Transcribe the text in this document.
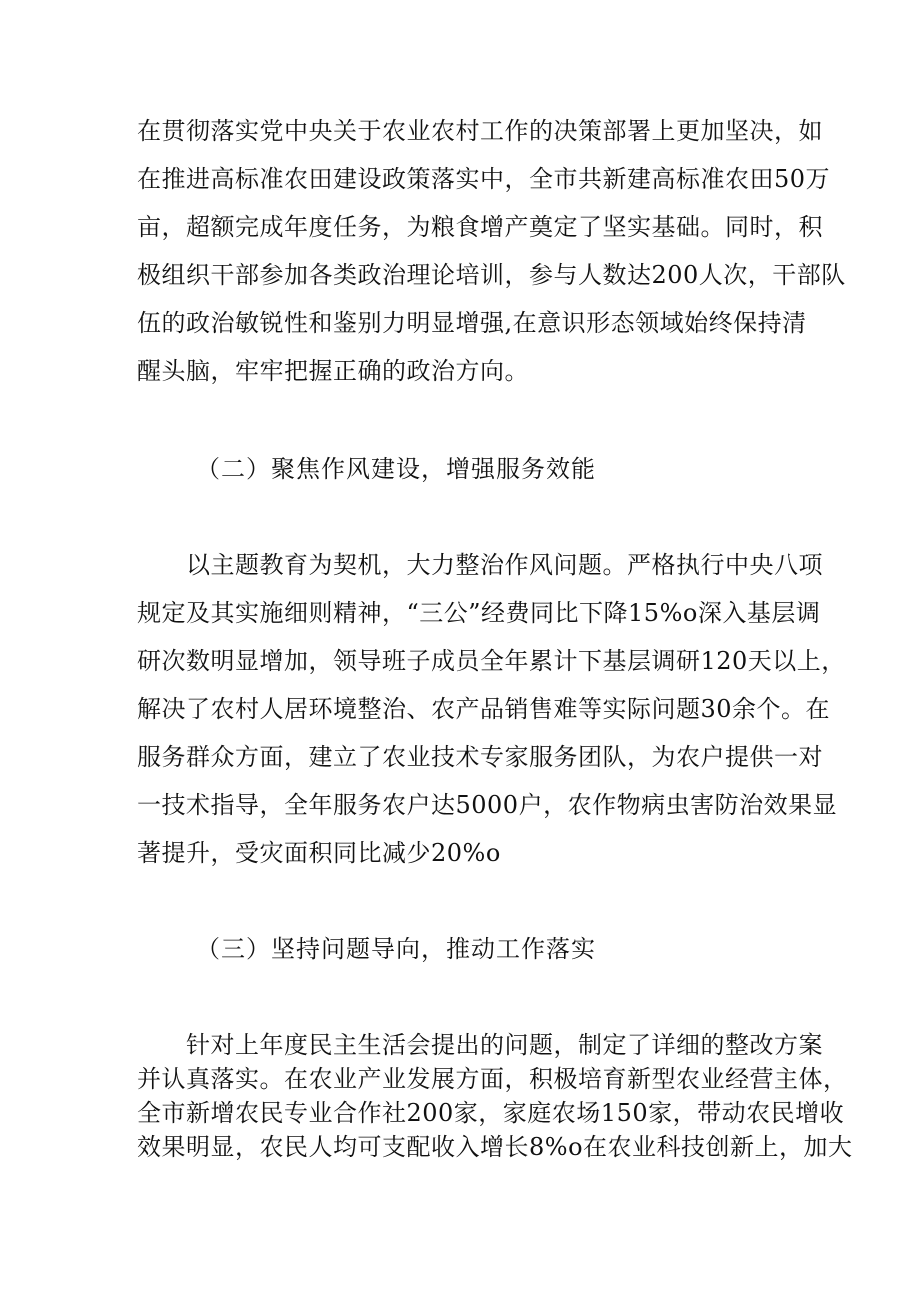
在贯彻落实党中央关于农业农村工作的决策部署上更加坚决，如
在推进高标准农田建设政策落实中，全市共新建高标准农田50万
亩，超额完成年度任务，为粮食增产奠定了坚实基础。同时，积
极组织干部参加各类政治理论培训，参与人数达200人次，干部队
伍的政治敏锐性和鉴别力明显增强,在意识形态领域始终保持清
醒头脑，牢牢把握正确的政治方向。
（二）聚焦作风建设，增强服务效能
以主题教育为契机，大力整治作风问题。严格执行中央八项
规定及其实施细则精神，“三公”经费同比下降15%o深入基层调
研次数明显增加，领导班子成员全年累计下基层调研120天以上，
解决了农村人居环境整治、农产品销售难等实际问题30余个。在
服务群众方面，建立了农业技术专家服务团队，为农户提供一对
一技术指导，全年服务农户达5000户，农作物病虫害防治效果显
著提升，受灾面积同比减少20%o
（三）坚持问题导向，推动工作落实
针对上年度民主生活会提出的问题，制定了详细的整改方案
并认真落实。在农业产业发展方面，积极培育新型农业经营主体，
全市新增农民专业合作社200家，家庭农场150家，带动农民增收
效果明显，农民人均可支配收入增长8%o在农业科技创新上，加大
